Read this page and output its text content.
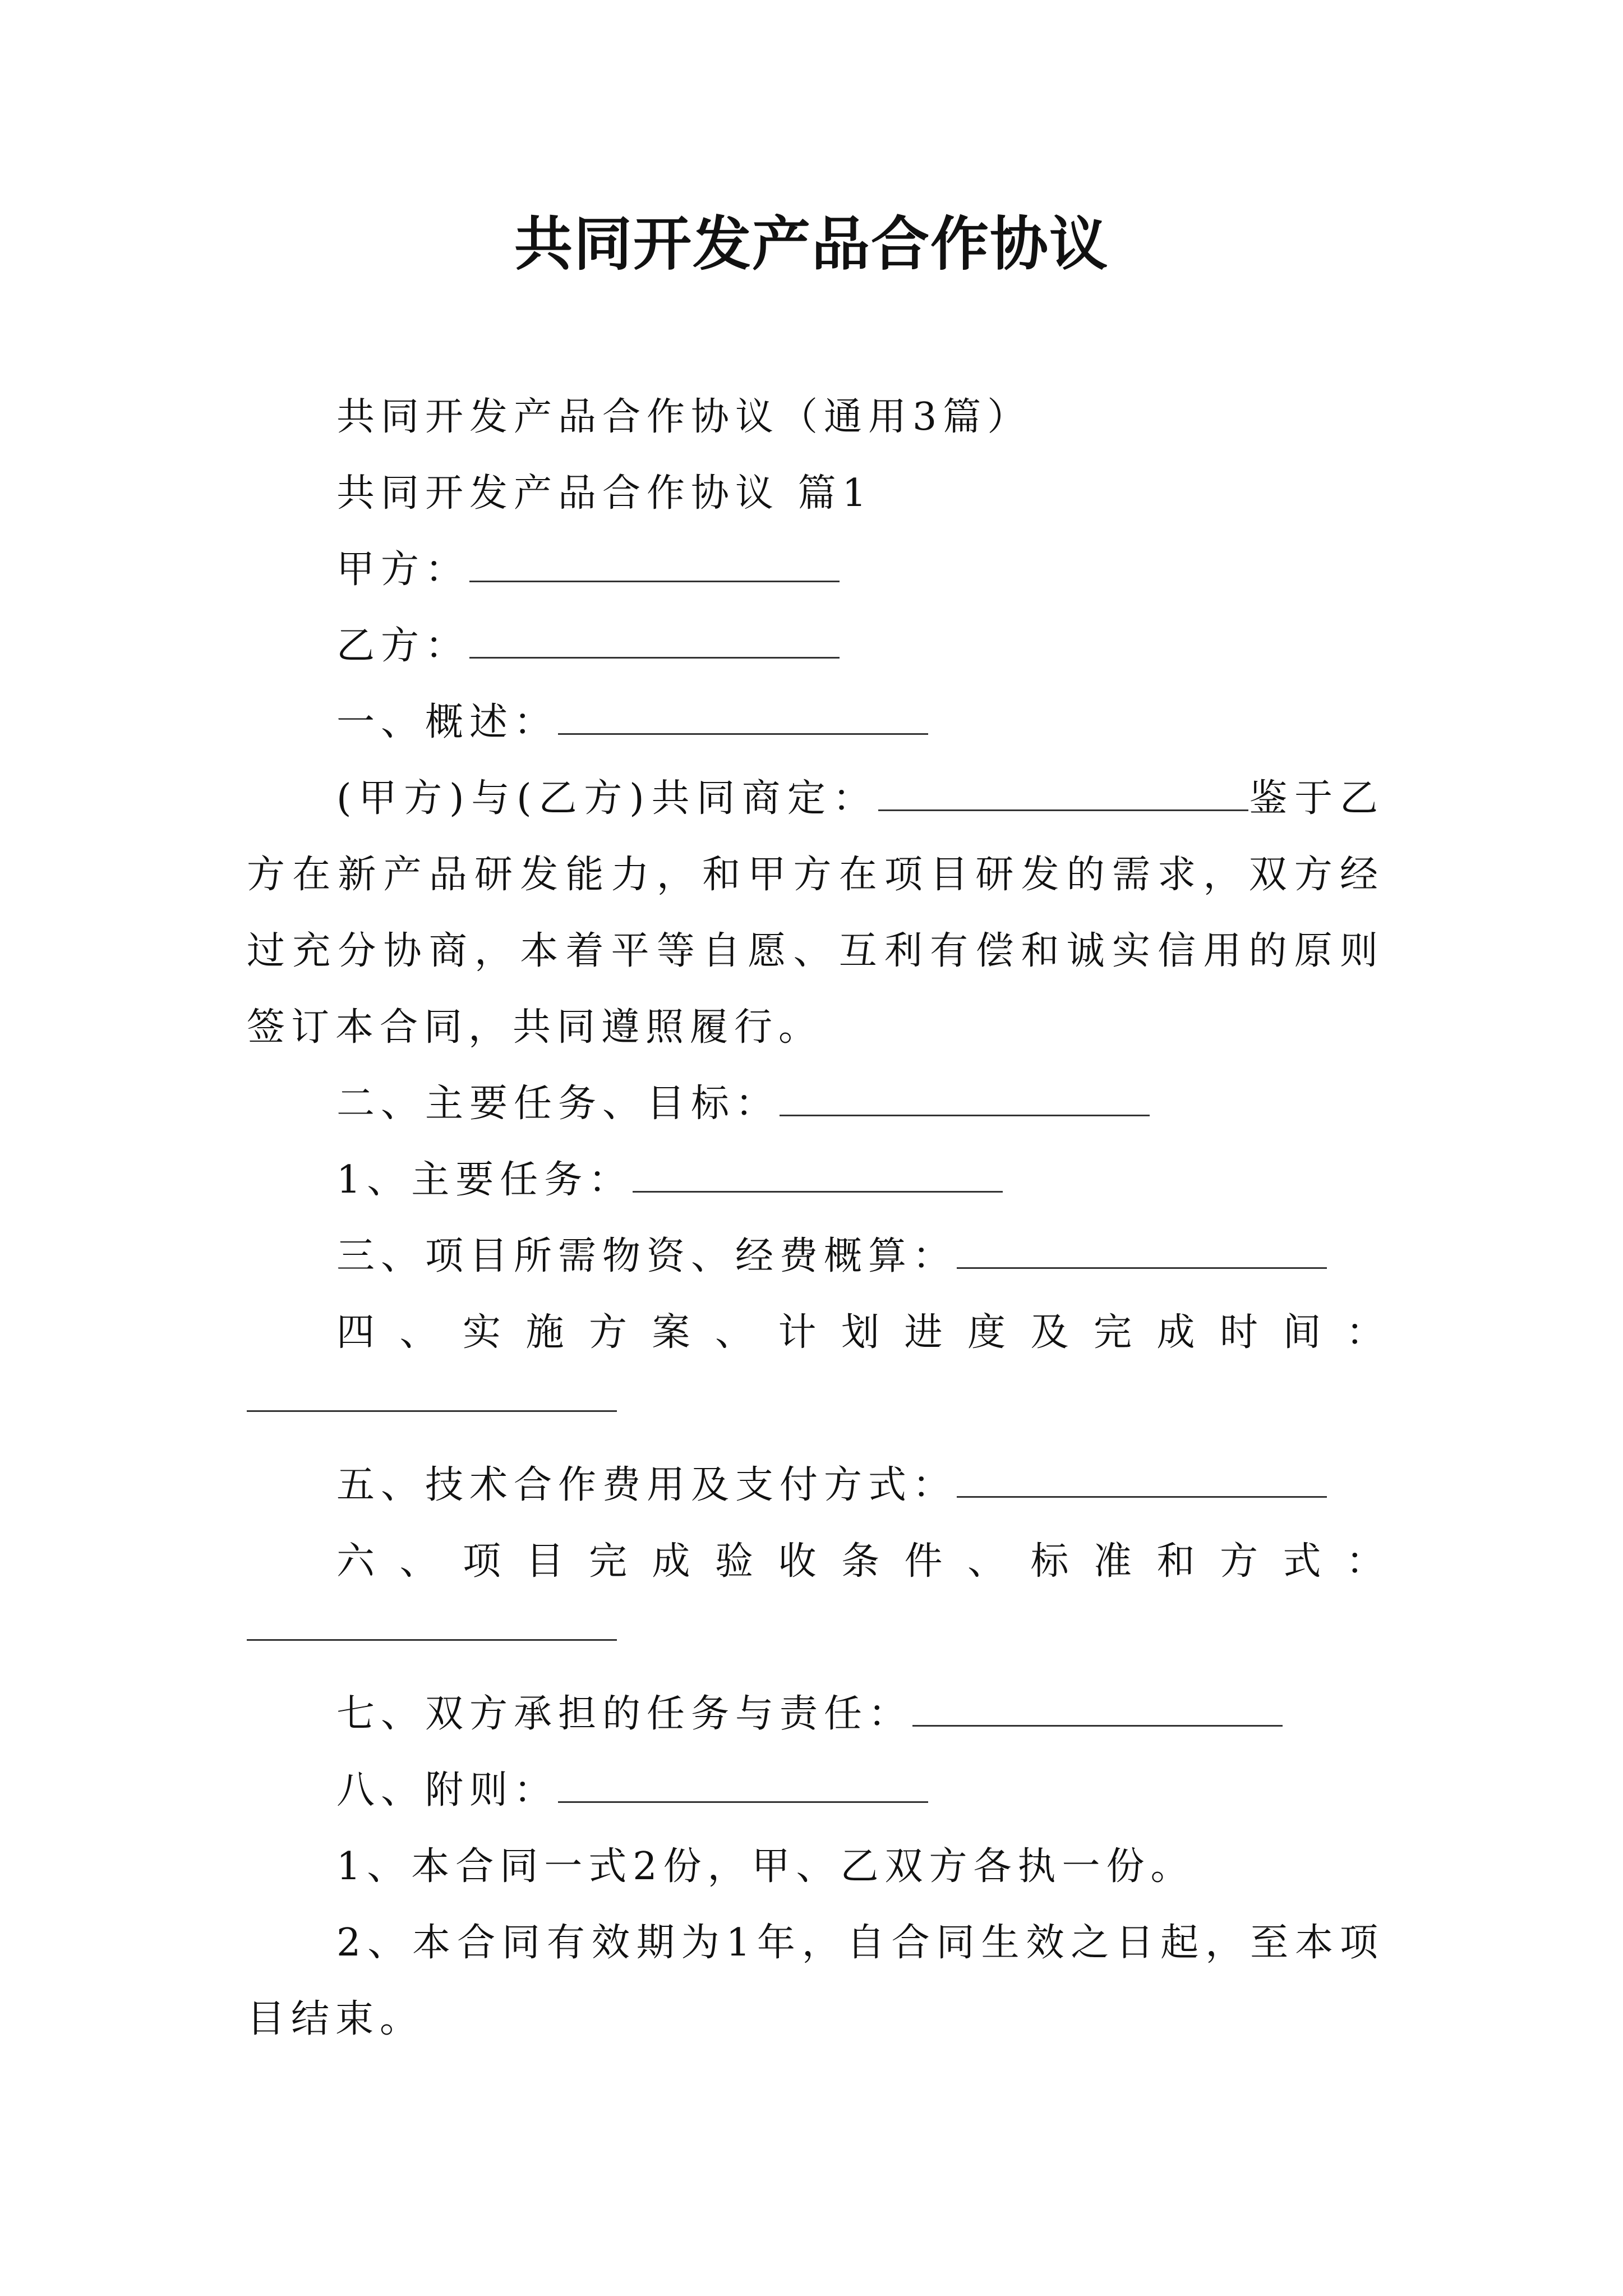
共同开发产品合作协议

共同开发产品合作协议（通用3篇）

共同开发产品合作协议 篇1

甲方：

乙方：

一、概述：

(甲方)与(乙方)共同商定：	鉴于乙方在新产品研发能力，和甲方在项目研发的需求，双方经过充分协商，本着平等自愿、互利有偿和诚实信用的原则签订本合同，共同遵照履行。

二、主要任务、目标：

1、主要任务：

三、项目所需物资、经费概算：

四、实施方案、计划进度及完成时间：

五、技术合作费用及支付方式：

六、项目完成验收条件、标准和方式：

七、双方承担的任务与责任：

八、附则：

1、本合同一式2份，甲、乙双方各执一份。

2、本合同有效期为1年，自合同生效之日起，至本项目结束。
